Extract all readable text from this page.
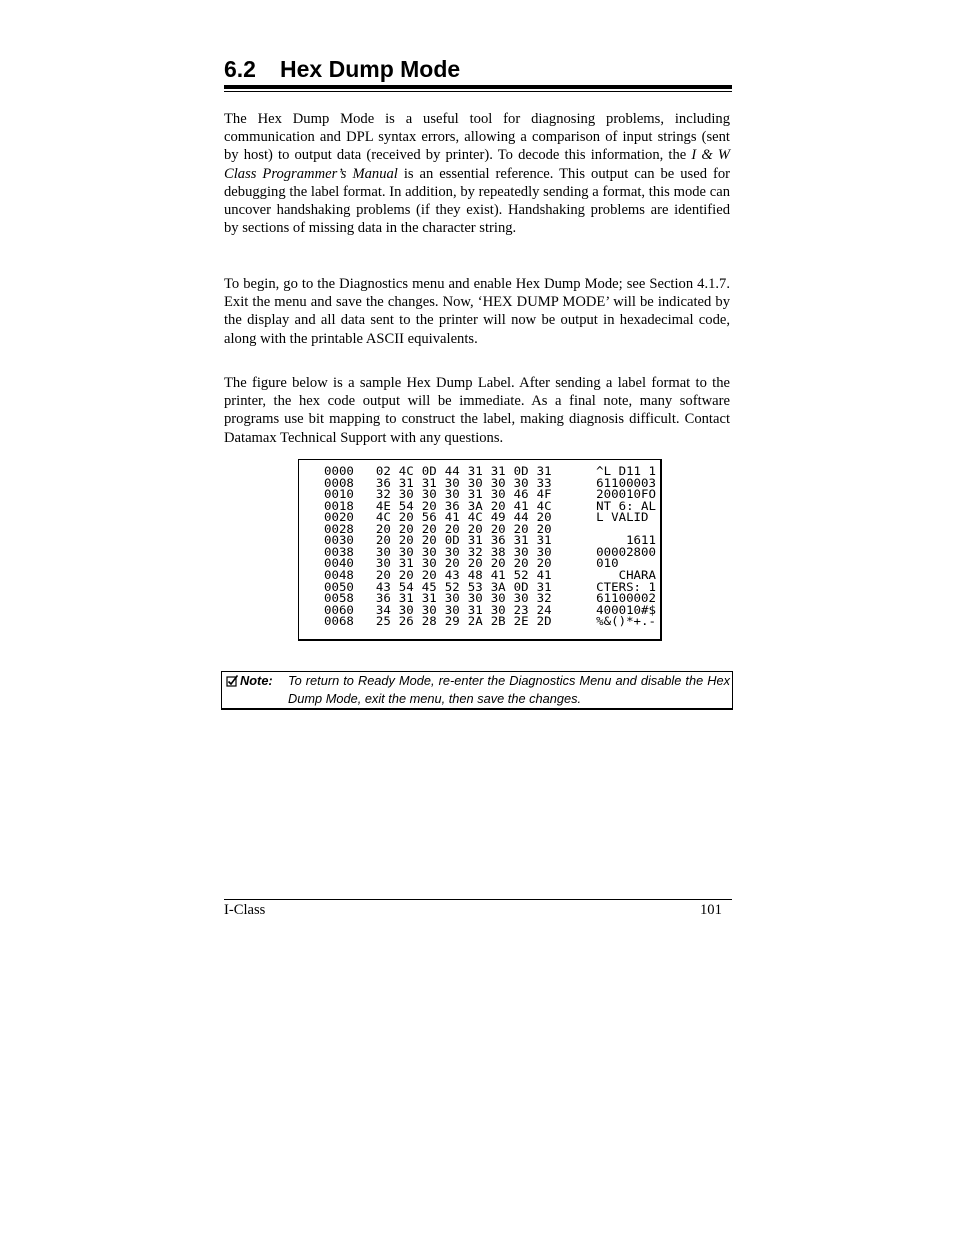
6.2 Hex Dump Mode

The Hex Dump Mode is a useful tool for diagnosing problems, including communication and DPL syntax errors, allowing a comparison of input strings (sent by host) to output data (received by printer). To decode this information, the I & W Class Programmer’s Manual is an essential reference. This output can be used for debugging the label format. In addition, by repeatedly sending a format, this mode can uncover handshaking problems (if they exist). Handshaking problems are identified by sections of missing data in the character string.

To begin, go to the Diagnostics menu and enable Hex Dump Mode; see Section 4.1.7. Exit the menu and save the changes. Now, ‘HEX DUMP MODE’ will be indicated by the display and all data sent to the printer will now be output in hexadecimal code, along with the printable ASCII equivalents.

The figure below is a sample Hex Dump Label. After sending a label format to the printer, the hex code output will be immediate. As a final note, many software programs use bit mapping to construct the label, making diagnosis difficult. Contact Datamax Technical Support with any questions.

0000 02 4C 0D 44 31 31 0D 31	^L D11 1
0008 36 31 31 30 30 30 30 33	61100003
0010 32 30 30 30 31 30 46 4F	200010FO
0018 4E 54 20 36 3A 20 41 4C	NT 6: AL
0020 4C 20 56 41 4C 49 44 20	L VALID
0028 20 20 20 20 20 20 20 20
0030 20 20 20 0D 31 36 31 31	1611
0038 30 30 30 30 32 38 30 30	00002800
0040 30 31 30 20 20 20 20 20	010
0048 20 20 20 43 48 41 52 41	CHARA
0050 43 54 45 52 53 3A 0D 31	CTERS: 1
0058 36 31 31 30 30 30 30 32	61100002
0060 34 30 30 30 31 30 23 24	400010#$
0068 25 26 28 29 2A 2B 2E 2D	%&()*+.-
Note: To return to Ready Mode, re-enter the Diagnostics Menu and disable the Hex Dump Mode, exit the menu, then save the changes.
I-Class	101
